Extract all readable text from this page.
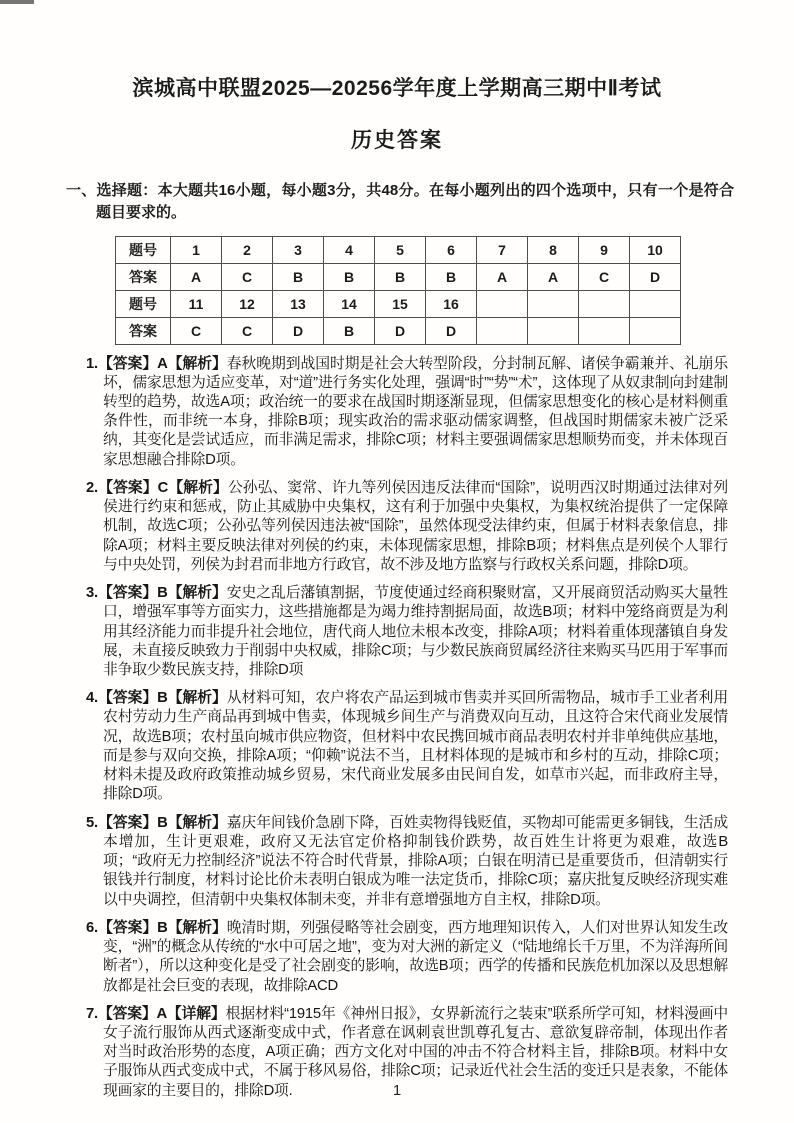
滨城高中联盟2025—20256学年度上学期高三期中Ⅱ考试
历史答案

一、选择题：本大题共16小题，每小题3分，共48分。在每小题列出的四个选项中，只有一个是符合题目要求的。

题号	1	2	3	4	5	6	7	8	9	10
答案	A	C	B	B	B	B	A	A	C	D
题号	11	12	13	14	15	16				
答案	C	C	D	B	D	D				

1.【答案】A【解析】春秋晚期到战国时期是社会大转型阶段，分封制瓦解、诸侯争霸兼并、礼崩乐坏，儒家思想为适应变革，对“道”进行务实化处理，强调“时”“势”“术”，这体现了从奴隶制向封建制转型的趋势，故选A项；政治统一的要求在战国时期逐渐显现，但儒家思想变化的核心是材料侧重条件性，而非统一本身，排除B项；现实政治的需求驱动儒家调整，但战国时期儒家未被广泛采纳，其变化是尝试适应，而非满足需求，排除C项；材料主要强调儒家思想顺势而变，并未体现百家思想融合排除D项。

2.【答案】C【解析】公孙弘、窦常、许九等列侯因违反法律而“国除”，说明西汉时期通过法律对列侯进行约束和惩戒，防止其威胁中央集权，这有利于加强中央集权，为集权统治提供了一定保障机制，故选C项；公孙弘等列侯因违法被“国除”，虽然体现受法律约束，但属于材料表象信息，排除A项；材料主要反映法律对列侯的约束，未体现儒家思想，排除B项；材料焦点是列侯个人罪行与中央处罚，列侯为封君而非地方行政官，故不涉及地方监察与行政权关系问题，排除D项。

3.【答案】B【解析】安史之乱后藩镇割据，节度使通过经商积聚财富，又开展商贸活动购买大量牲口，增强军事等方面实力，这些措施都是为竭力维持割据局面，故选B项；材料中笼络商贾是为利用其经济能力而非提升社会地位，唐代商人地位未根本改变，排除A项；材料着重体现藩镇自身发展，未直接反映致力于削弱中央权威，排除C项；与少数民族商贸属经济往来购买马匹用于军事而非争取少数民族支持，排除D项

4.【答案】B【解析】从材料可知，农户将农产品运到城市售卖并买回所需物品，城市手工业者利用农村劳动力生产商品再到城中售卖，体现城乡间生产与消费双向互动，且这符合宋代商业发展情况，故选B项；农村虽向城市供应物资，但材料中农民携回城市商品表明农村并非单纯供应基地，而是参与双向交换，排除A项；“仰赖”说法不当，且材料体现的是城市和乡村的互动，排除C项；材料未提及政府政策推动城乡贸易，宋代商业发展多由民间自发，如草市兴起，而非政府主导，排除D项。

5.【答案】B【解析】嘉庆年间钱价急剧下降，百姓卖物得钱贬值，买物却可能需更多铜钱，生活成本增加，生计更艰难，政府又无法官定价格抑制钱价跌势，故百姓生计将更为艰难，故选B项；“政府无力控制经济”说法不符合时代背景，排除A项；白银在明清已是重要货币，但清朝实行银钱并行制度，材料讨论比价未表明白银成为唯一法定货币，排除C项；嘉庆批复反映经济现实难以中央调控，但清朝中央集权体制未变，并非有意增强地方自主权，排除D项。

6.【答案】B【解析】晚清时期，列强侵略等社会剧变，西方地理知识传入，人们对世界认知发生改变，“洲”的概念从传统的“水中可居之地”，变为对大洲的新定义（“陆地绵长千万里，不为洋海所间断者”），所以这种变化是受了社会剧变的影响，故选B项；西学的传播和民族危机加深以及思想解放都是社会巨变的表现，故排除ACD

7.【答案】A【详解】根据材料“1915年《神州日报》，女界新流行之装束”联系所学可知，材料漫画中女子流行服饰从西式逐渐变成中式，作者意在讽刺袁世凯尊孔复古、意欲复辟帝制，体现出作者对当时政治形势的态度，A项正确；西方文化对中国的冲击不符合材料主旨，排除B项。材料中女子服饰从西式变成中式，不属于移风易俗，排除C项；记录近代社会生活的变迁只是表象，不能体现画家的主要目的，排除D项.	1
